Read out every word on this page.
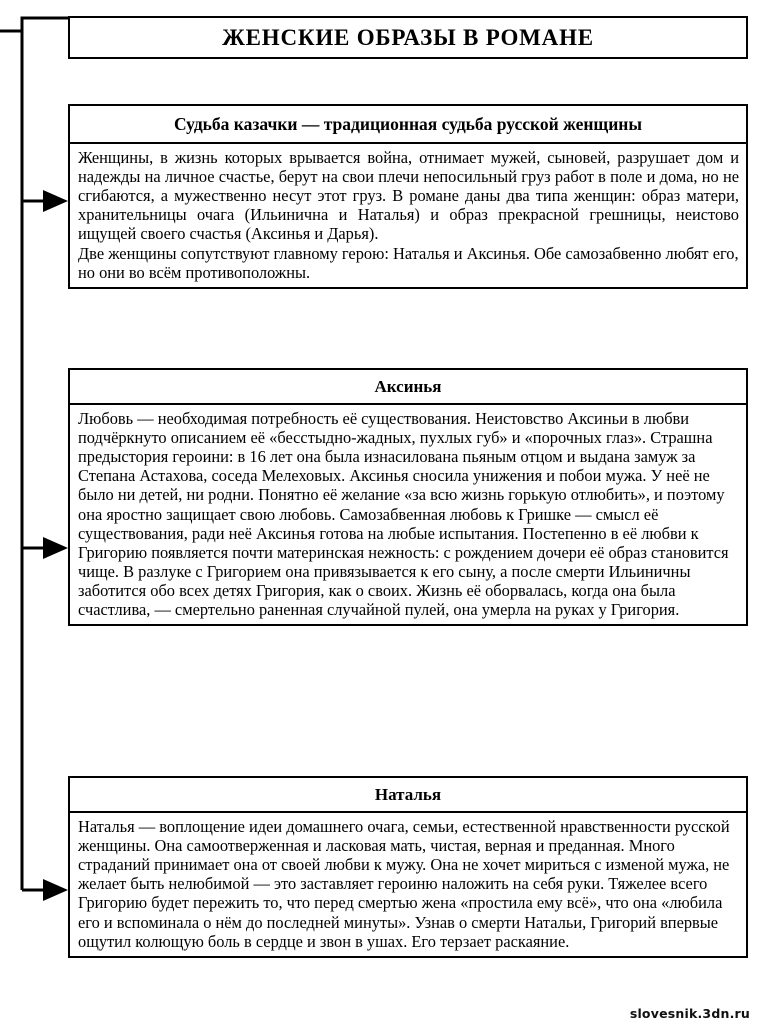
ЖЕНСКИЕ ОБРАЗЫ В РОМАНЕ
Судьба казачки — традиционная судьба русской женщины

Женщины, в жизнь которых врывается война, отнимает мужей, сыновей, разрушает дом и надежды на личное счастье, берут на свои плечи непосильный груз работ в поле и дома, но не сгибаются, а мужественно несут этот груз. В романе даны два типа женщин: образ матери, хранительницы очага (Ильинична и Наталья) и образ прекрасной грешницы, неистово ищущей своего счастья (Аксинья и Дарья).

Две женщины сопутствуют главному герою: Наталья и Аксинья. Обе самозабвенно любят его, но они во всём противоположны.

Аксинья

Любовь — необходимая потребность её существования. Неистовство Аксиньи в любви подчёркнуто описанием её «бесстыдно-жадных, пухлых губ» и «порочных глаз». Страшна предыстория героини: в 16 лет она была изнасилована пьяным отцом и выдана замуж за Степана Астахова, соседа Мелеховых. Аксинья сносила унижения и побои мужа. У неё не было ни детей, ни родни. Понятно её желание «за всю жизнь горькую отлюбить», и поэтому она яростно защищает свою любовь. Самозабвенная любовь к Гришке — смысл её существования, ради неё Аксинья готова на любые испытания. Постепенно в её любви к Григорию появляется почти материнская нежность: с рождением дочери её образ становится чище. В разлуке с Григорием она привязывается к его сыну, а после смерти Ильиничны заботится обо всех детях Григория, как о своих. Жизнь её оборвалась, когда она была счастлива, — смертельно раненная случайной пулей, она умерла на руках у Григория.

Наталья

Наталья — воплощение идеи домашнего очага, семьи, естественной нравственности русской женщины. Она самоотверженная и ласковая мать, чистая, верная и преданная. Много страданий принимает она от своей любви к мужу. Она не хочет мириться с изменой мужа, не желает быть нелюбимой — это заставляет героиню наложить на себя руки. Тяжелее всего Григорию будет пережить то, что перед смертью жена «простила ему всё», что она «любила его и вспоминала о нём до последней минуты». Узнав о смерти Натальи, Григорий впервые ощутил колющую боль в сердце и звон в ушах. Его терзает раскаяние.

slovesnik.3dn.ru
